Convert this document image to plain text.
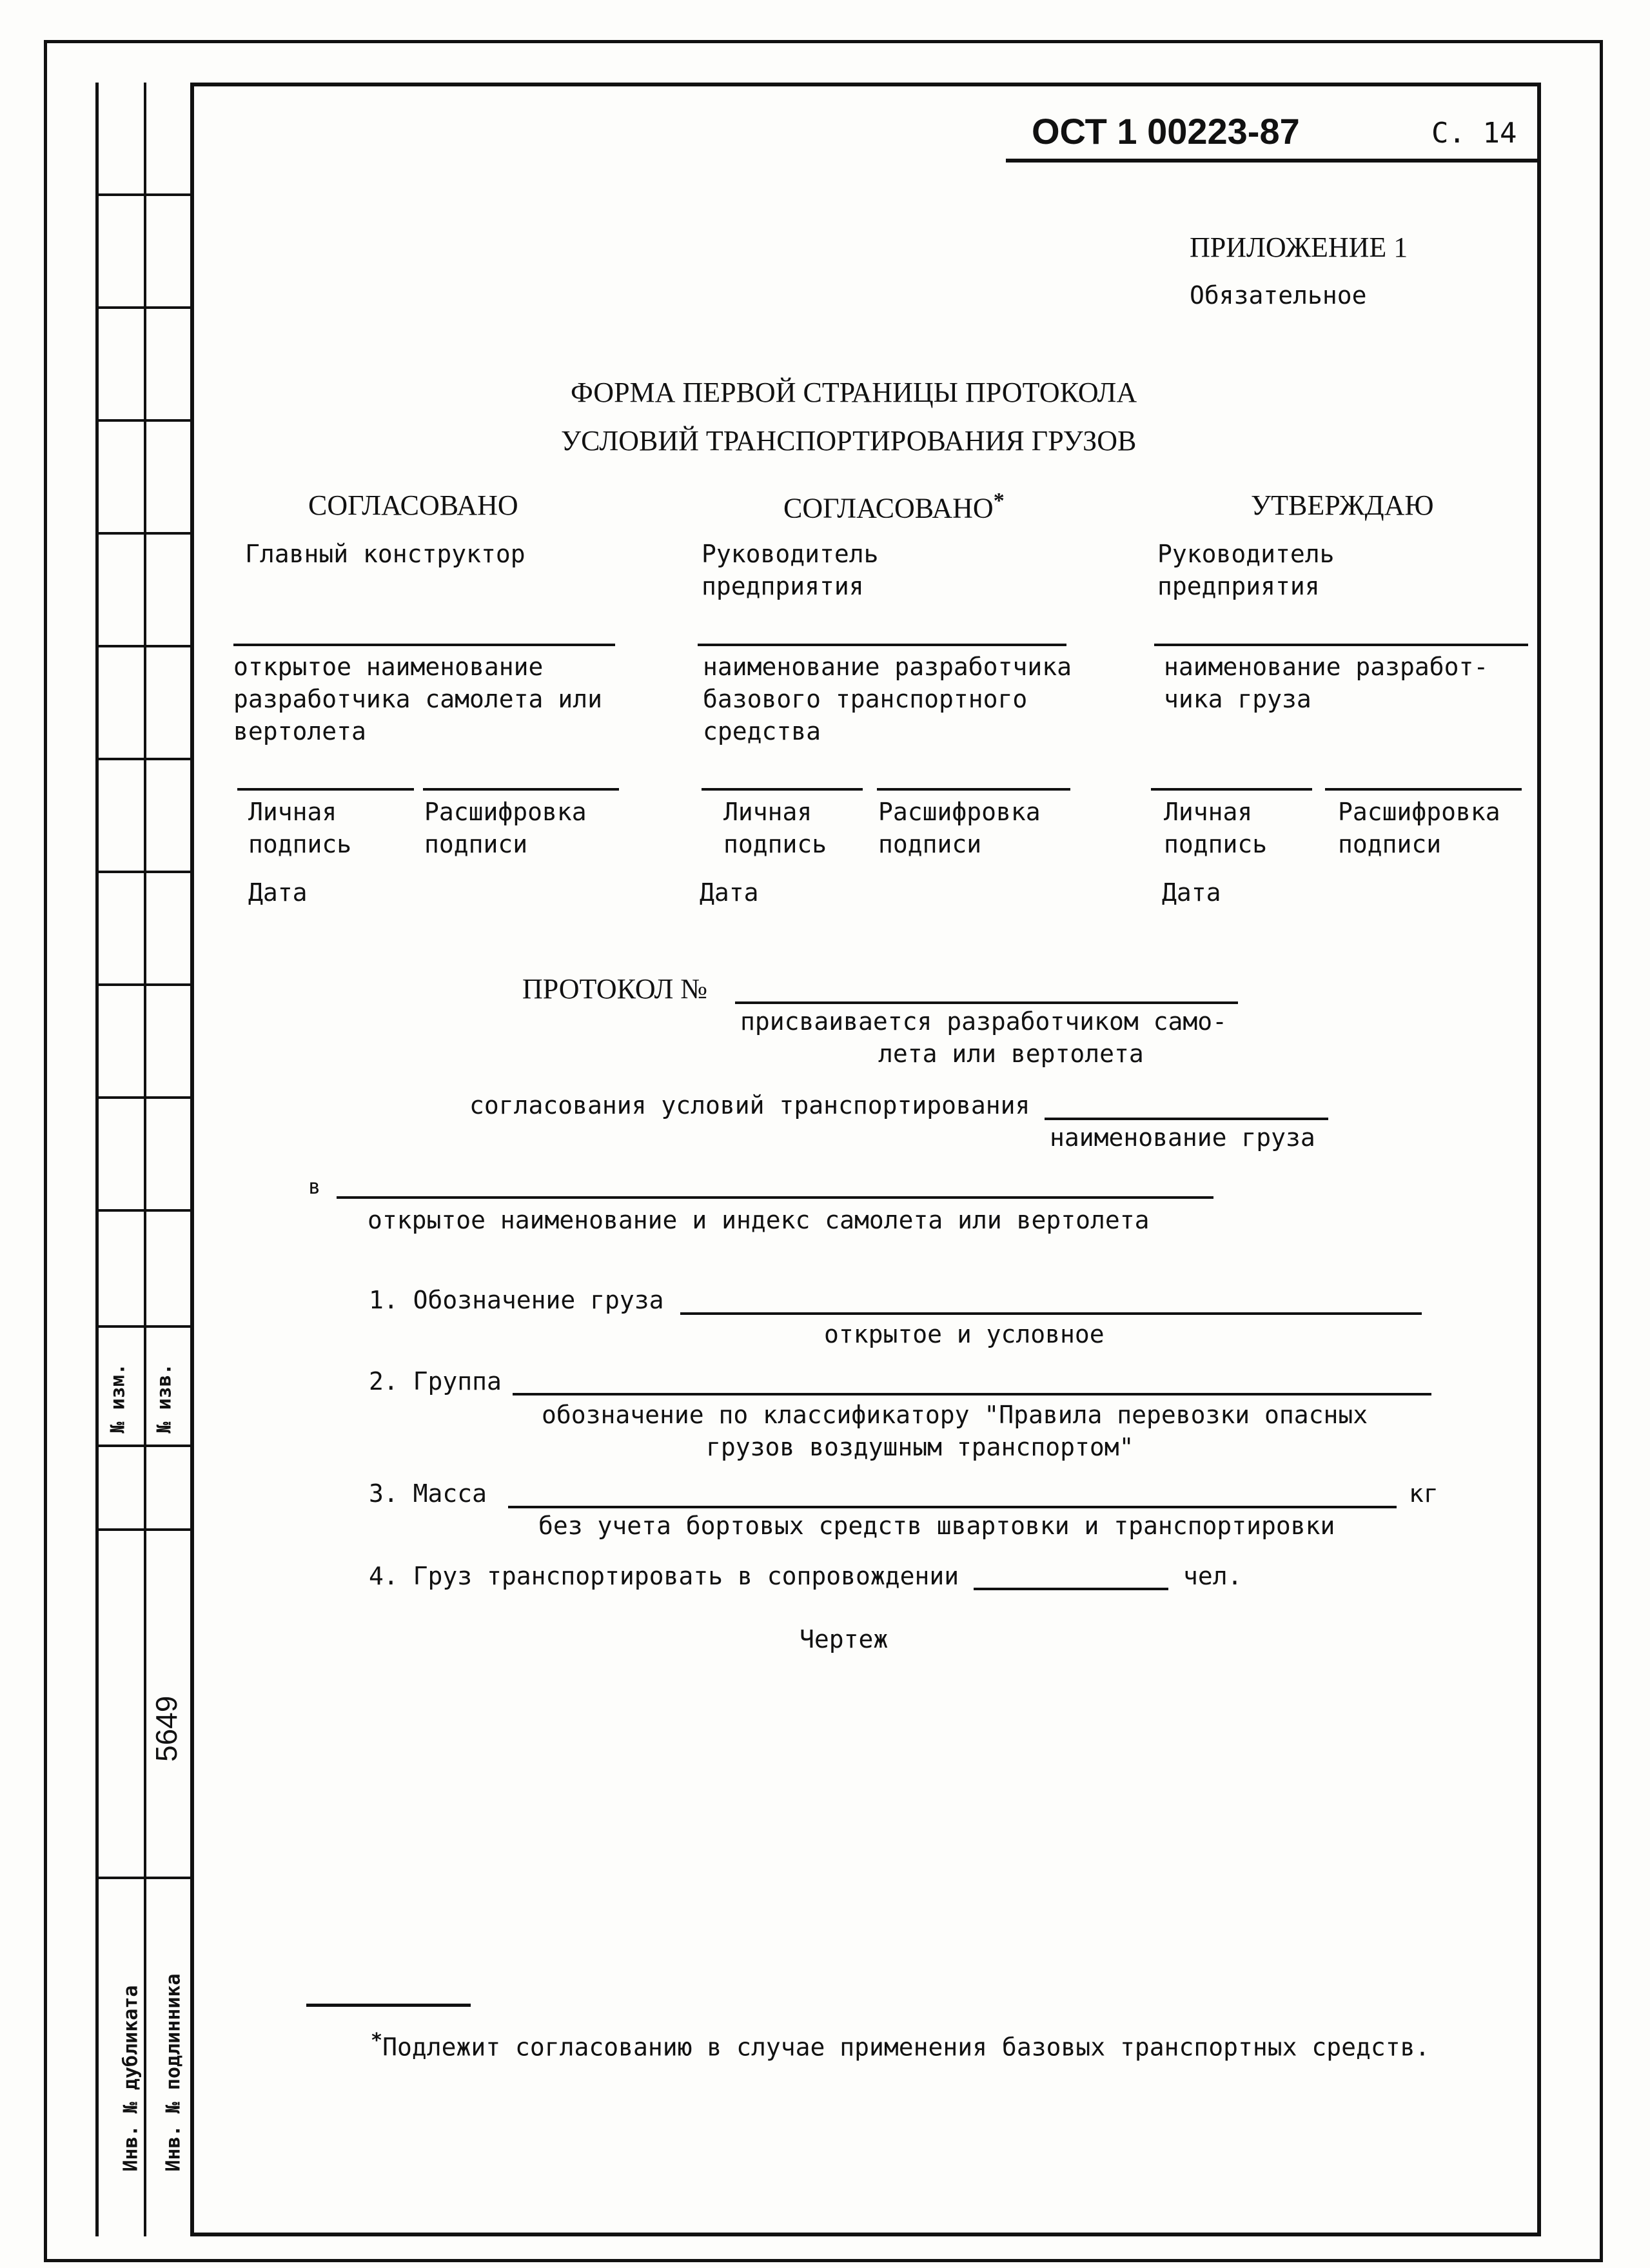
№ изм. № изв.
5649
Инв. № дубликата Инв. № подлинника
ОСТ 1 00223-87	С. 14
ПРИЛОЖЕНИЕ 1
Обязательное
ФОРМА ПЕРВОЙ СТРАНИЦЫ ПРОТОКОЛА
УСЛОВИЙ ТРАНСПОРТИРОВАНИЯ ГРУЗОВ
СОГЛАСОВАНО
Главный конструктор
открытое наименование
разработчика самолета или
вертолета
Личная
подпись
Расшифровка
подписи
Дата
СОГЛАСОВАНО*
Руководитель
предприятия
наименование разработчика
базового транспортного
средства
Личная
подпись
Расшифровка
подписи
Дата
УТВЕРЖДАЮ
Руководитель
предприятия
наименование разработ-
чика груза
Личная
подпись
Расшифровка
подписи
Дата
ПРОТОКОЛ №
присваивается разработчиком само-
лета или вертолета
согласования условий транспортирования
наименование груза
в
открытое наименование и индекс самолета или вертолета
1. Обозначение груза
открытое и условное
2. Группа
обозначение по классификатору "Правила перевозки опасных
грузов воздушным транспортом"
3. Масса	кг
без учета бортовых средств швартовки и транспортировки
4. Груз транспортировать в сопровождении	чел.
Чертеж
*Подлежит согласованию в случае применения базовых транспортных средств.
